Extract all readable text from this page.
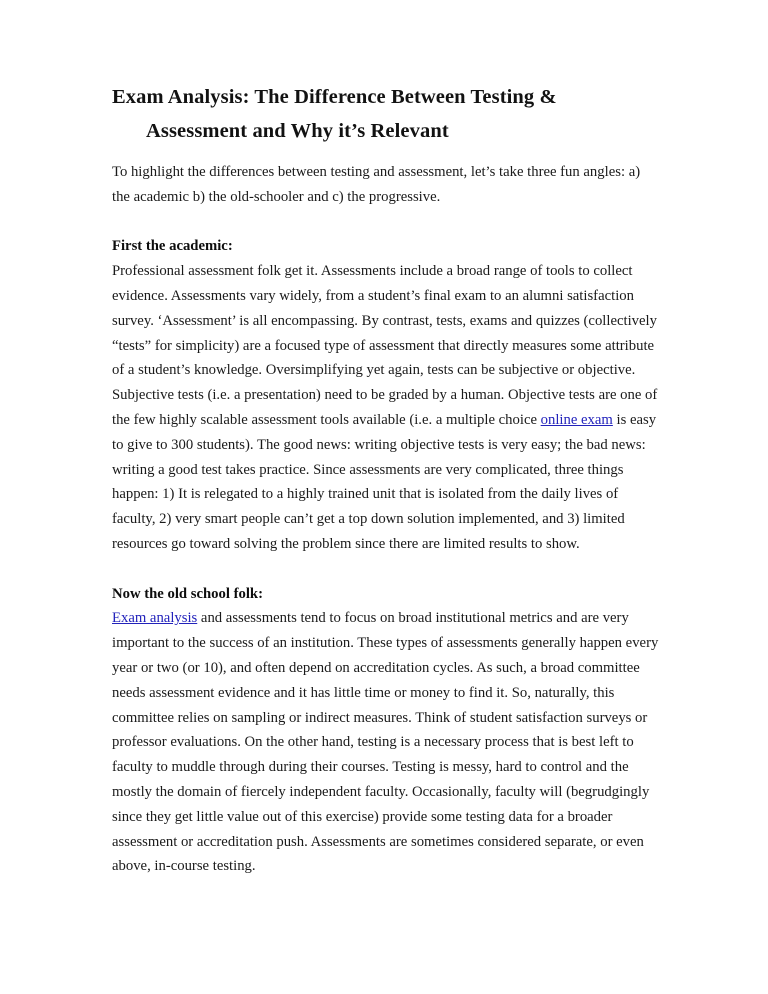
Exam Analysis: The Difference Between Testing &
Assessment and Why it’s Relevant

To highlight the differences between testing and assessment, let’s take three fun angles: a) the academic b) the old-schooler and c) the progressive.

First the academic:

Professional assessment folk get it. Assessments include a broad range of tools to collect evidence. Assessments vary widely, from a student’s final exam to an alumni satisfaction survey. ‘Assessment’ is all encompassing. By contrast, tests, exams and quizzes (collectively “tests” for simplicity) are a focused type of assessment that directly measures some attribute of a student’s knowledge. Oversimplifying yet again, tests can be subjective or objective. Subjective tests (i.e. a presentation) need to be graded by a human. Objective tests are one of the few highly scalable assessment tools available (i.e. a multiple choice online exam is easy to give to 300 students). The good news: writing objective tests is very easy; the bad news: writing a good test takes practice. Since assessments are very complicated, three things happen: 1) It is relegated to a highly trained unit that is isolated from the daily lives of faculty, 2) very smart people can’t get a top down solution implemented, and 3) limited resources go toward solving the problem since there are limited results to show.

Now the old school folk:

Exam analysis and assessments tend to focus on broad institutional metrics and are very important to the success of an institution. These types of assessments generally happen every year or two (or 10), and often depend on accreditation cycles. As such, a broad committee needs assessment evidence and it has little time or money to find it. So, naturally, this committee relies on sampling or indirect measures. Think of student satisfaction surveys or professor evaluations. On the other hand, testing is a necessary process that is best left to faculty to muddle through during their courses. Testing is messy, hard to control and the mostly the domain of fiercely independent faculty. Occasionally, faculty will (begrudgingly since they get little value out of this exercise) provide some testing data for a broader assessment or accreditation push. Assessments are sometimes considered separate, or even above, in-course testing.
